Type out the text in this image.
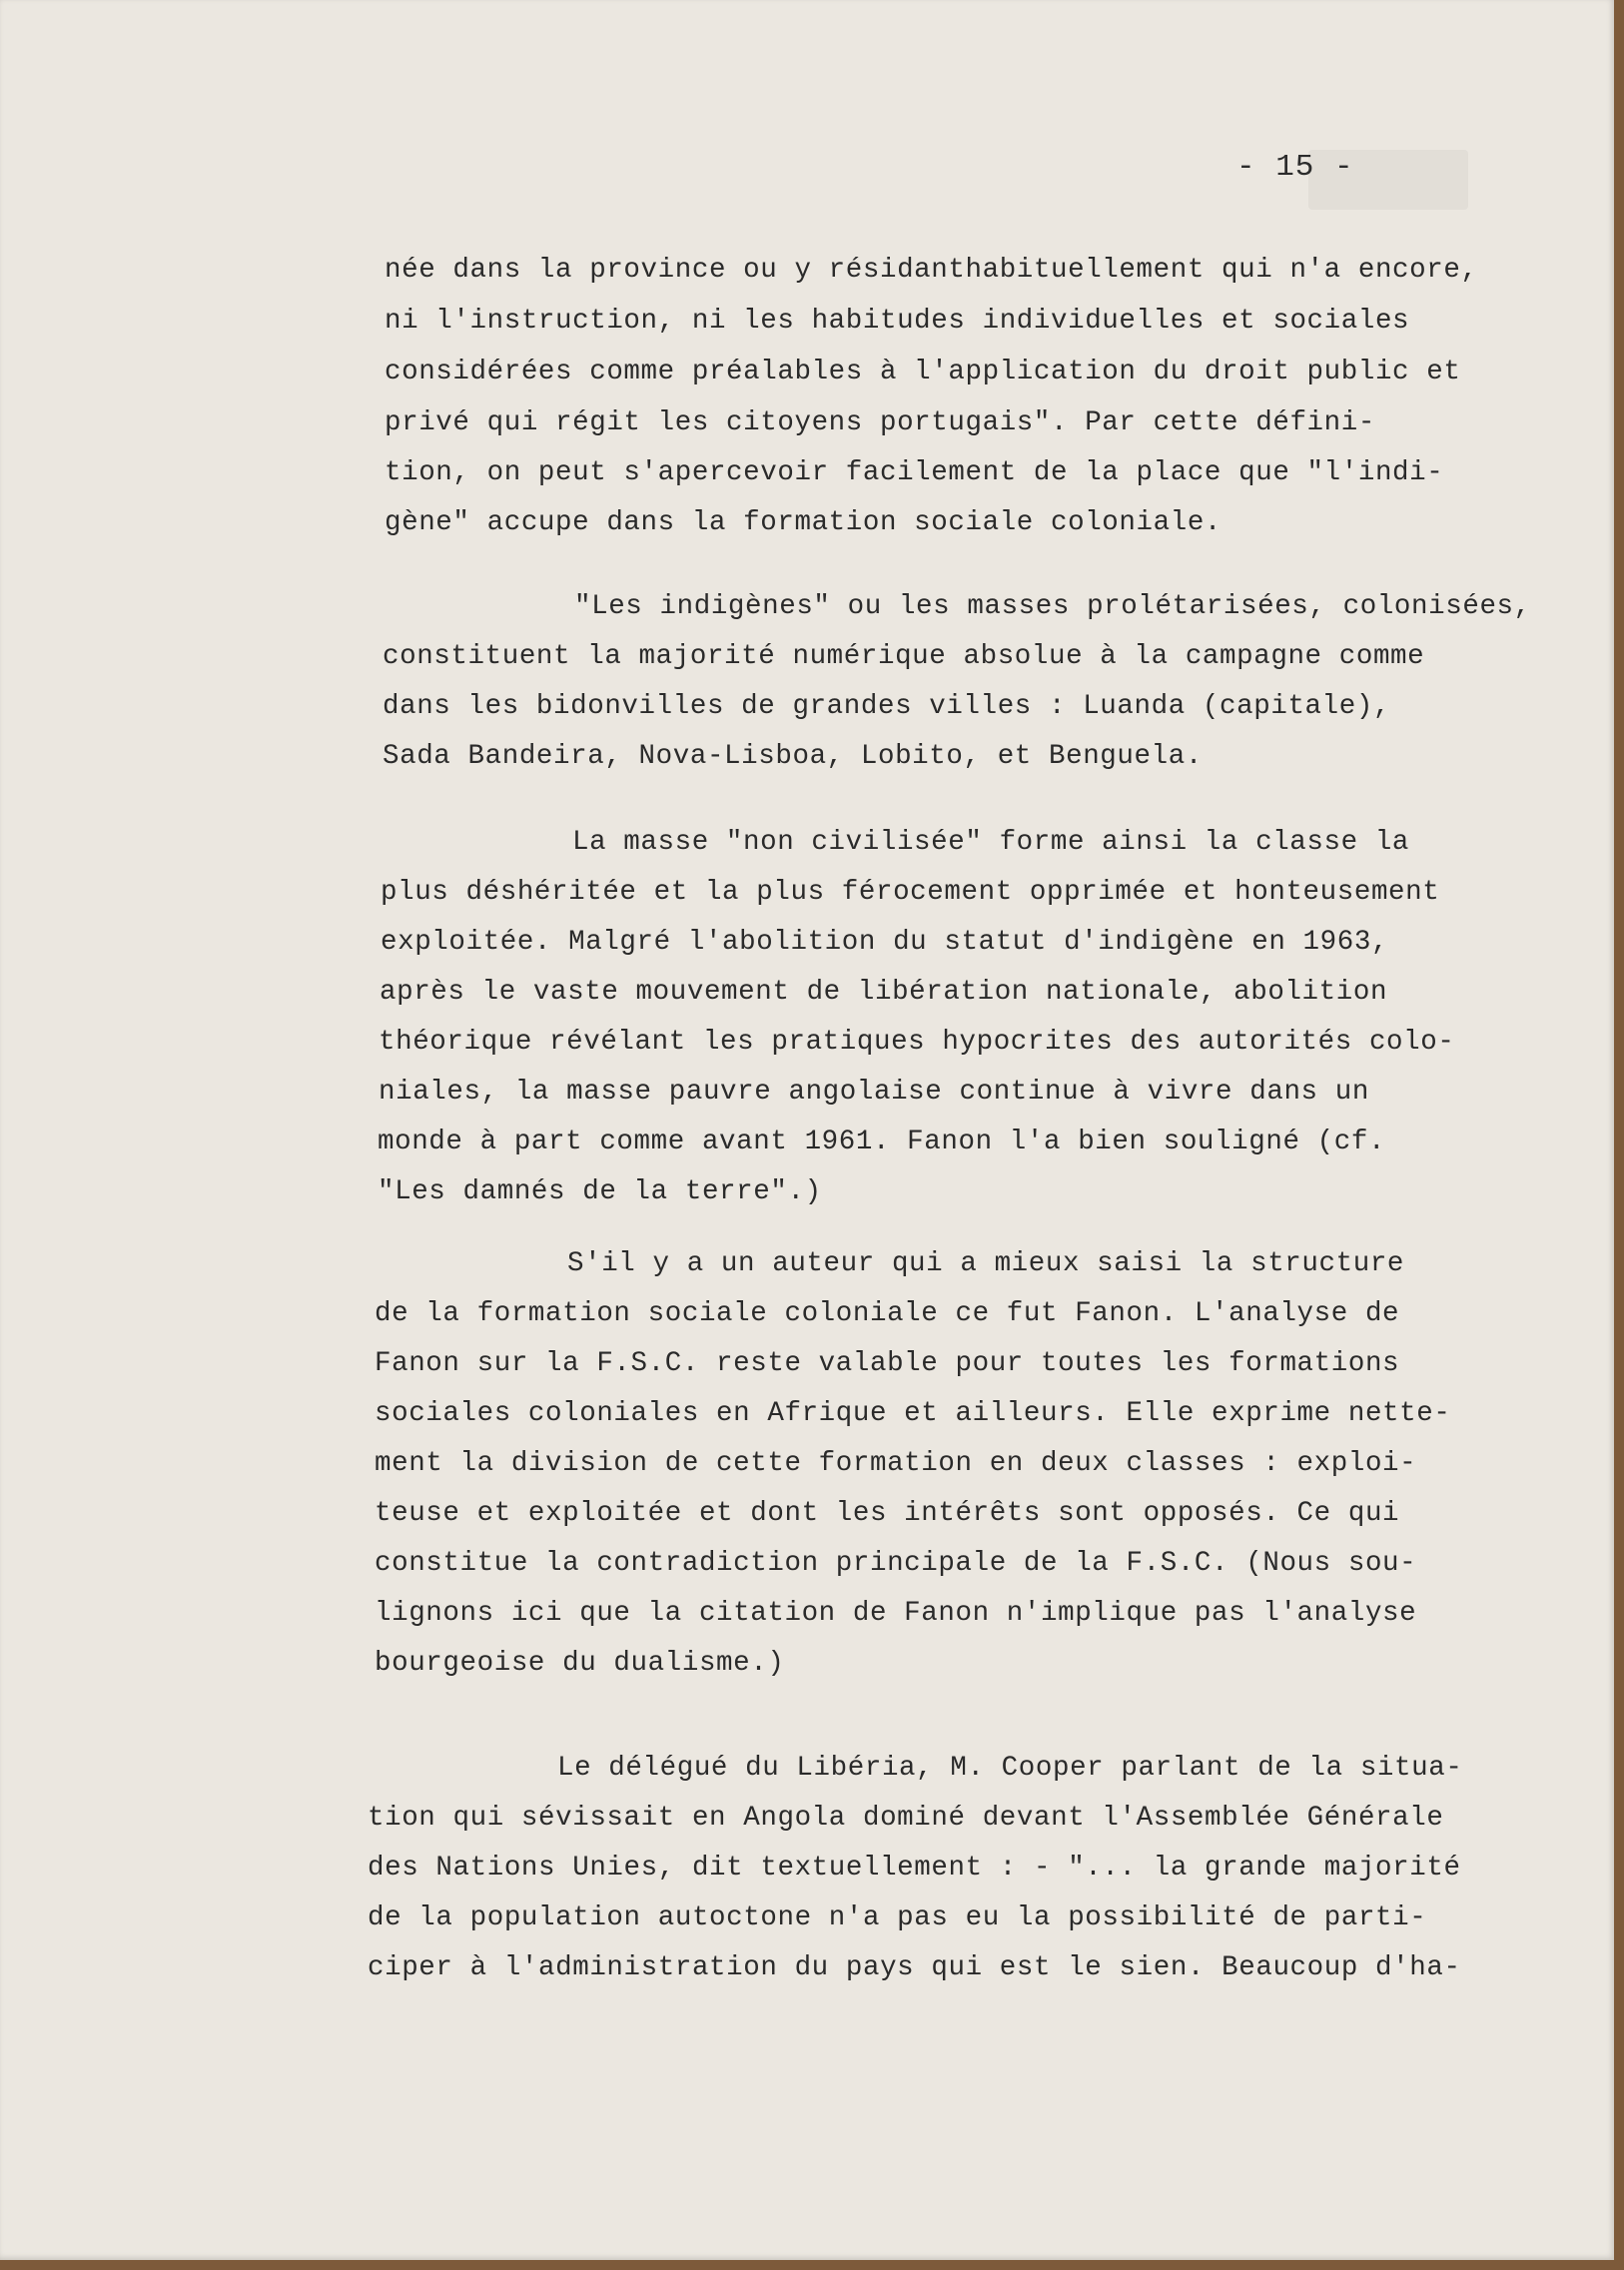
- 15 -
née dans la province ou y résidanthabituellement qui n'a encore,
ni l'instruction, ni les habitudes individuelles et sociales
considérées comme préalables à l'application du droit public et
privé qui régit les citoyens portugais". Par cette défini-
tion, on peut s'apercevoir facilement de la place que "l'indi-
gène" accupe dans la formation sociale coloniale.
"Les indigènes" ou les masses prolétarisées, colonisées,
constituent la majorité numérique absolue à la campagne comme
dans les bidonvilles de grandes villes : Luanda (capitale),
Sada Bandeira, Nova-Lisboa, Lobito, et Benguela.
La masse "non civilisée" forme ainsi la classe la
plus déshéritée et la plus férocement opprimée et honteusement
exploitée. Malgré l'abolition du statut d'indigène en 1963,
après le vaste mouvement de libération nationale, abolition
théorique révélant les pratiques hypocrites des autorités colo-
niales, la masse pauvre angolaise continue à vivre dans un
monde à part comme avant 1961. Fanon l'a bien souligné (cf.
"Les damnés de la terre".)
S'il y a un auteur qui a mieux saisi la structure
de la formation sociale coloniale ce fut Fanon. L'analyse de
Fanon sur la F.S.C. reste valable pour toutes les formations
sociales coloniales en Afrique et ailleurs. Elle exprime nette-
ment la division de cette formation en deux classes : exploi-
teuse et exploitée et dont les intérêts sont opposés. Ce qui
constitue la contradiction principale de la F.S.C. (Nous sou-
lignons ici que la citation de Fanon n'implique pas l'analyse
bourgeoise du dualisme.)
Le délégué du Libéria, M. Cooper parlant de la situa-
tion qui sévissait en Angola dominé devant l'Assemblée Générale
des Nations Unies, dit textuellement : - "... la grande majorité
de la population autoctone n'a pas eu la possibilité de parti-
ciper à l'administration du pays qui est le sien. Beaucoup d'ha-
